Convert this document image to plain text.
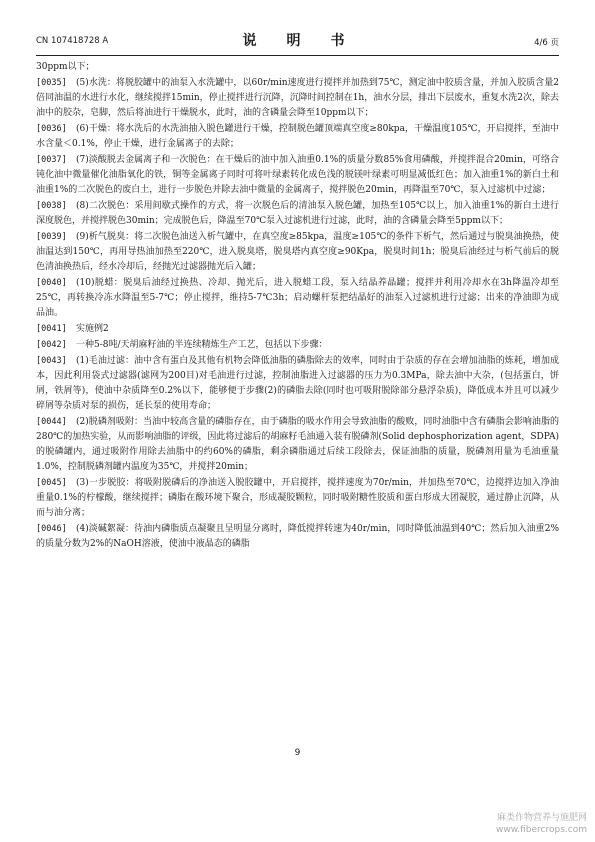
CN 107418728 A	说　明　书	4/6 页

30ppm以下；

[0035] (5)水洗：将脱胶罐中的油泵入水洗罐中，以60r/min速度进行搅拌并加热到75℃，测定油中胶质含量，并加入胶质含量2倍同油温的水进行水化，继续搅拌15min，停止搅拌进行沉降，沉降时间控制在1h，油水分层，排出下层废水，重复水洗2次，除去油中的胶杂，皂脚，然后将油进行干燥脱水，此时，油的含磷量会降至10ppm以下；

[0036] (6)干燥：将水洗后的水洗油抽入脱色罐进行干燥，控制脱色罐顶端真空度≥80kpa，干燥温度105℃，开启搅拌，至油中水含量＜0.1%，停止干燥，进行金属离子的去除；

[0037] (7)淡酸脱去金属离子和一次脱色：在干燥后的油中加入油重0.1%的质量分数85%食用磷酸，并搅拌混合20min，可络合钝化油中微量催化油脂氧化的铁，铜等金属离子同时可将叶绿素转化成色浅的脱镁叶绿素可明显减低红色；加入油重1%的新白土和油重1%的二次脱色的废白土，进行一步脱色并除去油中微量的金属离子，搅拌脱色20min，再降温至70℃，泵入过滤机中过滤；

[0038] (8)二次脱色：采用间歇式操作的方式，将一次脱色后的清油泵入脱色罐，加热至105℃以上，加入油重1%的新白土进行深度脱色，并搅拌脱色30min；完成脱色后，降温至70℃泵入过滤机进行过滤，此时，油的含磷量会降至5ppm以下；

[0039] (9)析气脱臭：将二次脱色油送入析气罐中，在真空度≥85kpa，温度≥105℃的条件下析气，然后通过与脱臭油换热，使油温达到150℃，再用导热油加热至220℃，进入脱臭塔，脱臭塔内真空度≥90Kpa，脱臭时间1h；脱臭后油经过与析气前后的脱色清油换热后，经水冷却后，经抛光过滤器抛光后入罐；

[0040] (10)脱蜡：脱臭后油经过换热、冷却、抛光后，进入脱蜡工段，泵入结晶养晶罐；搅拌并利用冷却水在3h降温冷却至25℃，再转换冷冻水降温至5-7℃；停止搅拌，维持5-7℃3h；启动螺杆泵把结晶好的油泵入过滤机进行过滤；出来的净油即为成品油。

[0041] 实施例2

[0042] 一种5-8吨/天胡麻籽油的半连续精炼生产工艺，包括以下步骤：

[0043] (1)毛油过滤：油中含有蛋白及其他有机物会降低油脂的磷脂除去的效率，同时由于杂质的存在会增加油脂的炼耗，增加成本，因此利用袋式过滤器(滤网为200目)对毛油进行过滤，控制油脂进入过滤器的压力为0.3MPa，除去油中大杂，(包括蛋白，饼屑，铁屑等)，使油中杂质降至0.2%以下，能够便于步骤(2)的磷脂去除(同时也可吸附脱除部分悬浮杂质)，降低成本并且可以减少碎屑等杂质对泵的损伤，延长泵的使用寿命；

[0044] (2)脱磷剂吸附：当油中较高含量的磷脂存在，由于磷脂的吸水作用会导致油脂的酸败，同时油脂中含有磷脂会影响油脂的280℃的加热实验，从而影响油脂的评级，因此将过滤后的胡麻籽毛油通入装有脱磷剂(Solid dephosphorization agent，SDPA)的脱磷罐内，通过吸附作用除去油脂中的约60%的磷脂，剩余磷脂通过后续工段除去，保证油脂的质量，脱磷剂用量为毛油重量1.0%，控制脱磷剂罐内温度为35℃，并搅拌20min；

[0045] (3)一步脱胶：将吸附脱磷后的净油送入脱胶罐中，开启搅拌，搅拌速度为70r/min，并加热至70℃，边搅拌边加入净油重量0.1%的柠檬酸，继续搅拌；磷脂在酸环境下聚合，形成凝胶颗粒，同时吸附糖性胶质和蛋白形成大团凝胶，通过静止沉降，从而与油分离；

[0046] (4)淡碱絮凝：待油内磷脂质点凝聚且呈明显分离时，降低搅拌转速为40r/min，同时降低油温到40℃；然后加入油重2%的质量分数为2%的NaOH溶液，使油中液晶态的磷脂

9
麻类作物营养与施肥网
www.fibercrops.com
